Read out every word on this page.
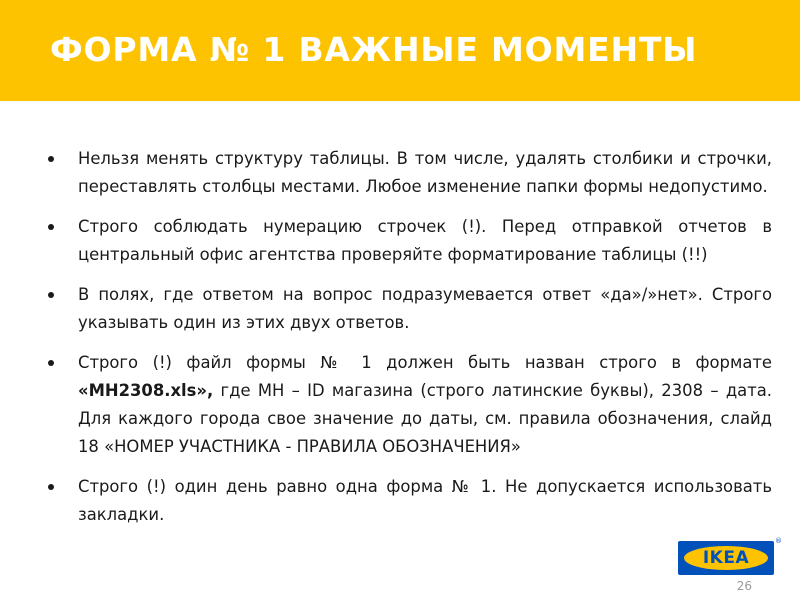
ФОРМА № 1 ВАЖНЫЕ МОМЕНТЫ
Нельзя менять структуру таблицы. В том числе, удалять столбики и строчки, переставлять столбцы местами. Любое изменение папки формы недопустимо.
Строго соблюдать нумерацию строчек (!). Перед отправкой отчетов в центральный офис агентства проверяйте форматирование таблицы (!!)
В полях, где ответом на вопрос подразумевается ответ «да»/»нет». Строго указывать один из этих двух ответов.
Строго (!) файл формы № 1 должен быть назван строго в формате «MH2308.xls», где МН – ID магазина (строго латинские буквы), 2308 – дата. Для каждого города свое значение до даты, см. правила обозначения, слайд 18 «НОМЕР УЧАСТНИКА - ПРАВИЛА ОБОЗНАЧЕНИЯ»
Строго (!) один день равно одна форма № 1. Не допускается использовать закладки.
IKEA
®
26
